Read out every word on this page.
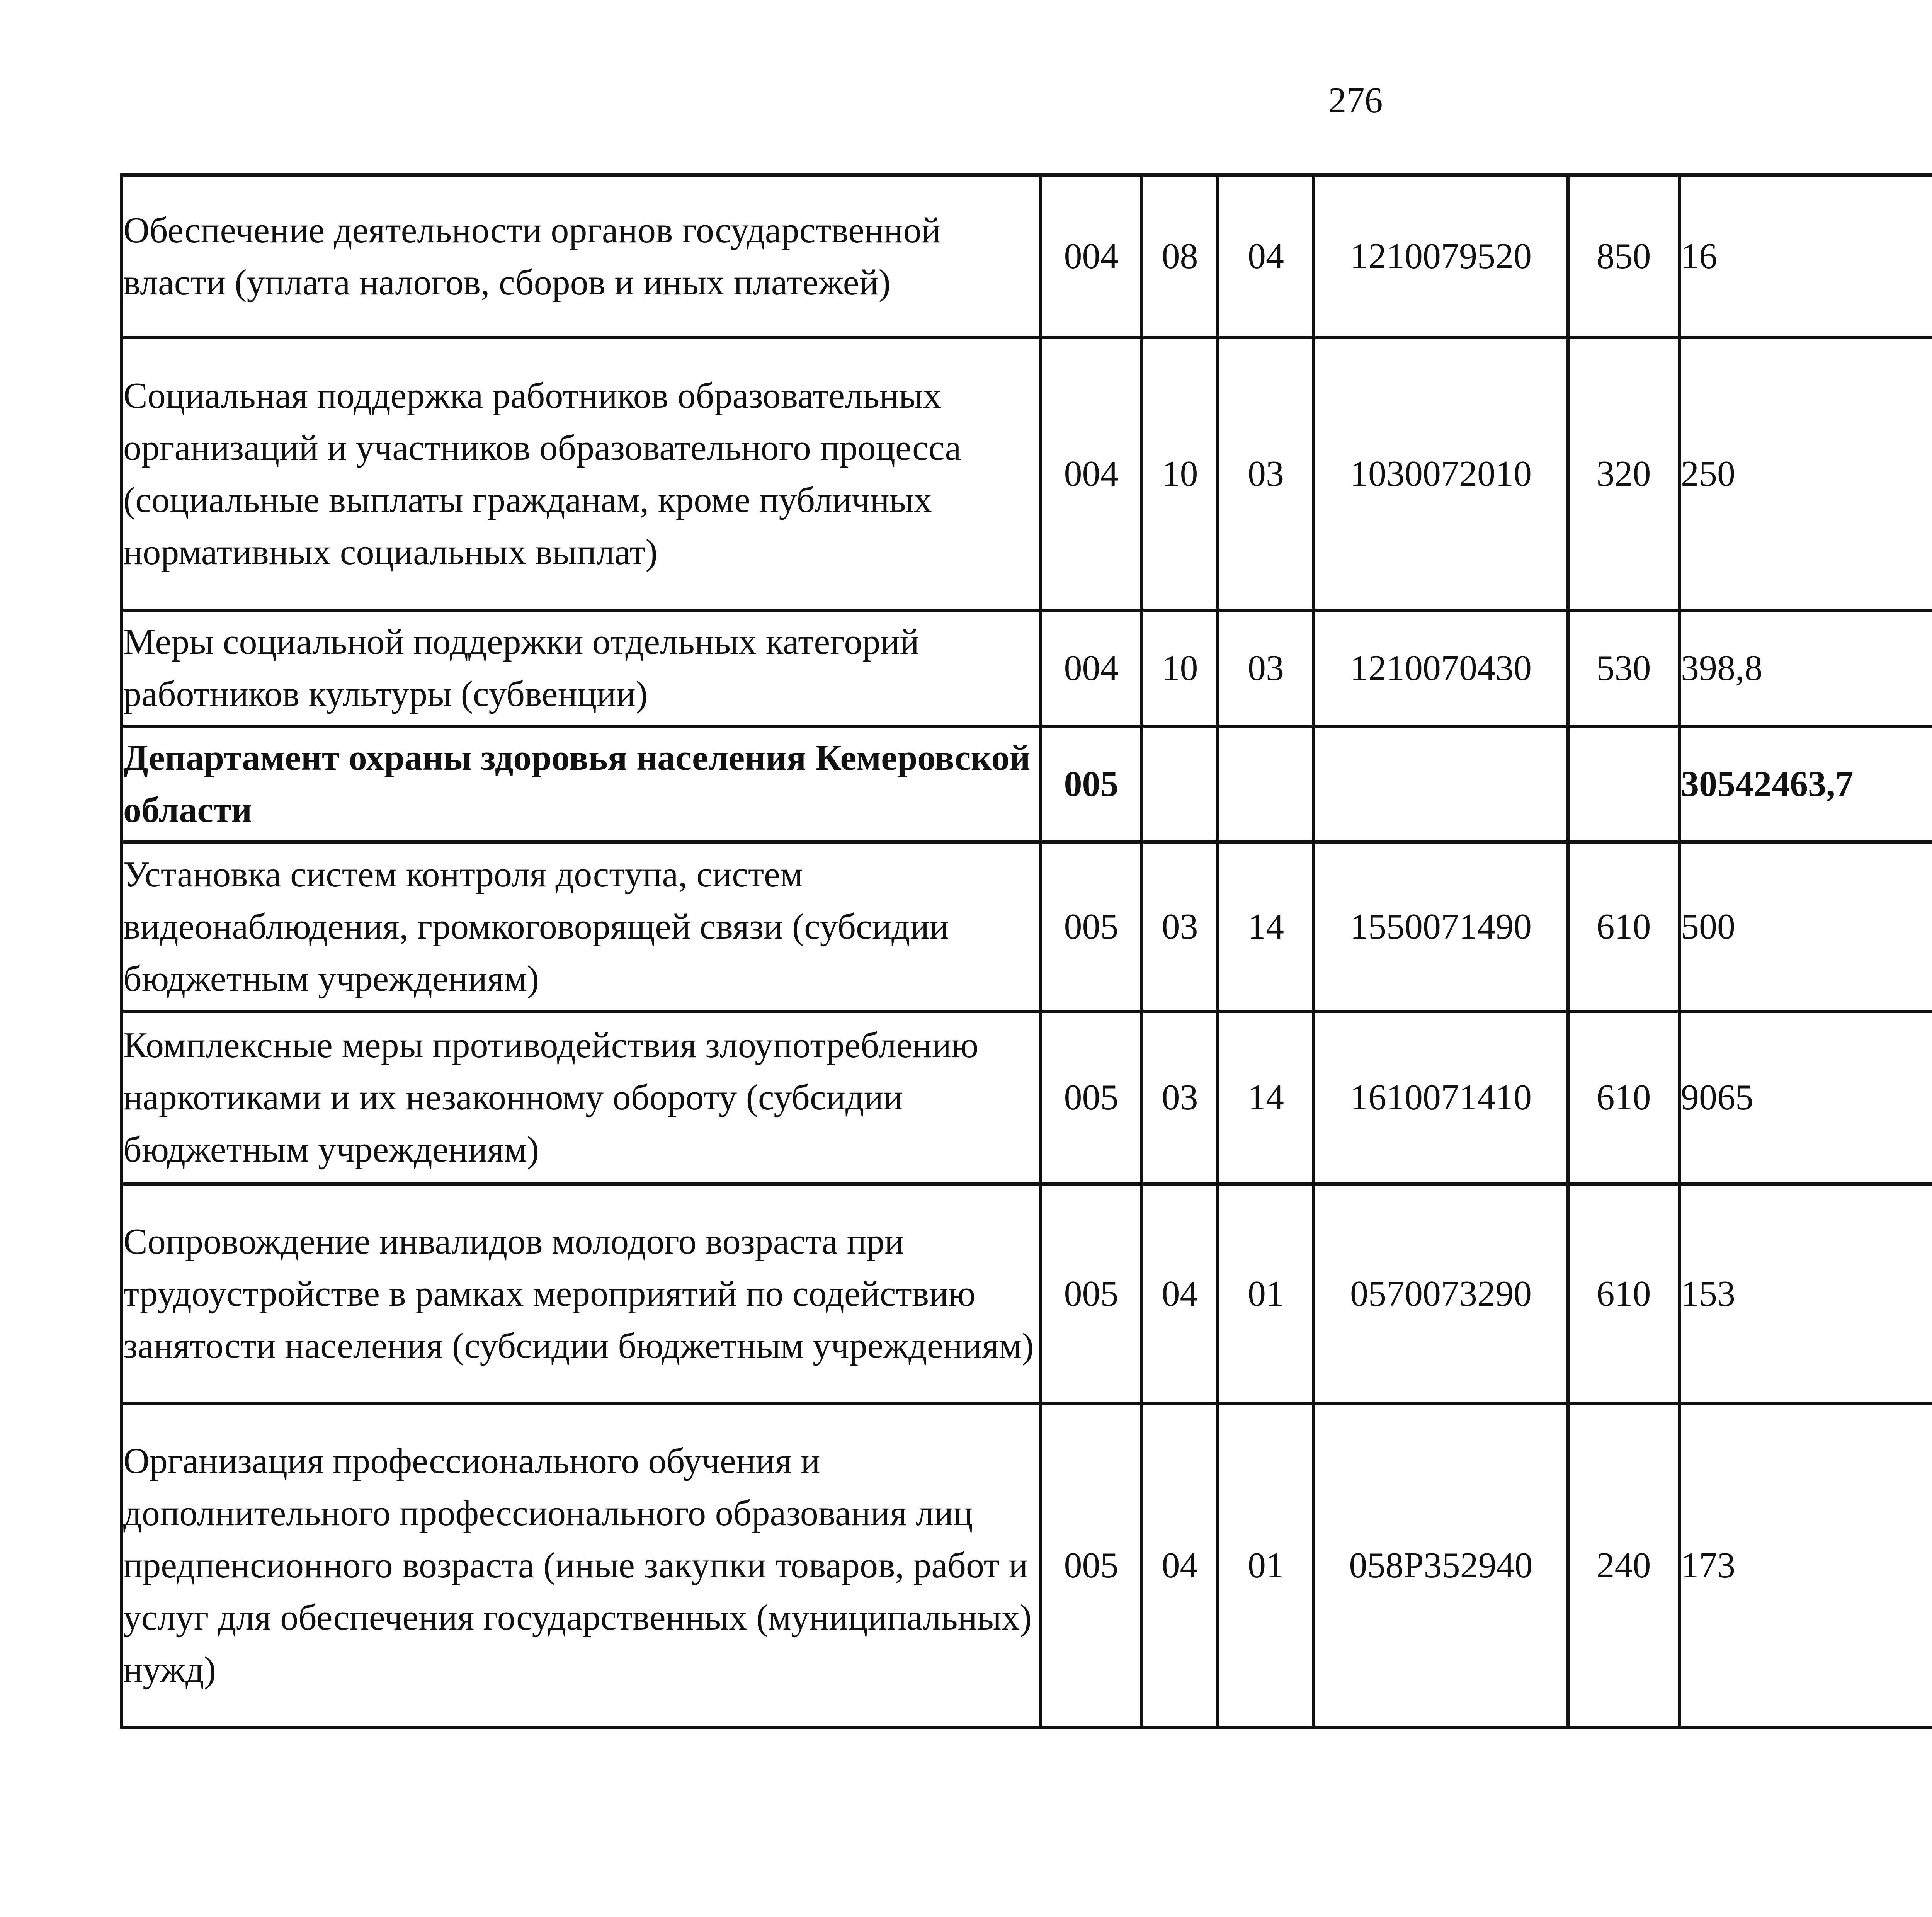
276
Обеспечение деятельности органов государственной власти (уплата налогов, сборов и иных платежей)	004	08	04	1210079520	850	16		
Социальная поддержка работников образовательных организаций и участников образовательного процесса (социальные выплаты гражданам, кроме публичных нормативных социальных выплат)	004	10	03	1030072010	320	250		
Меры социальной поддержки отдельных категорий работников культуры (субвенции)	004	10	03	1210070430	530	398,8		
Департамент охраны здоровья населения Кемеровской области	005					30542463,7		
Установка систем контроля доступа, систем видеонаблюдения, громкоговорящей связи (субсидии бюджетным учреждениям)	005	03	14	1550071490	610	500		
Комплексные меры противодействия злоупотреблению наркотиками и их незаконному обороту (субсидии бюджетным учреждениям)	005	03	14	1610071410	610	9065		
Сопровождение инвалидов молодого возраста при трудоустройстве в рамках мероприятий по содействию занятости населения (субсидии бюджетным учреждениям)	005	04	01	0570073290	610	153		
Организация профессионального обучения и дополнительного профессионального образования лиц предпенсионного возраста (иные закупки товаров, работ и услуг для обеспечения государственных (муниципальных) нужд)	005	04	01	058P352940	240	173		
